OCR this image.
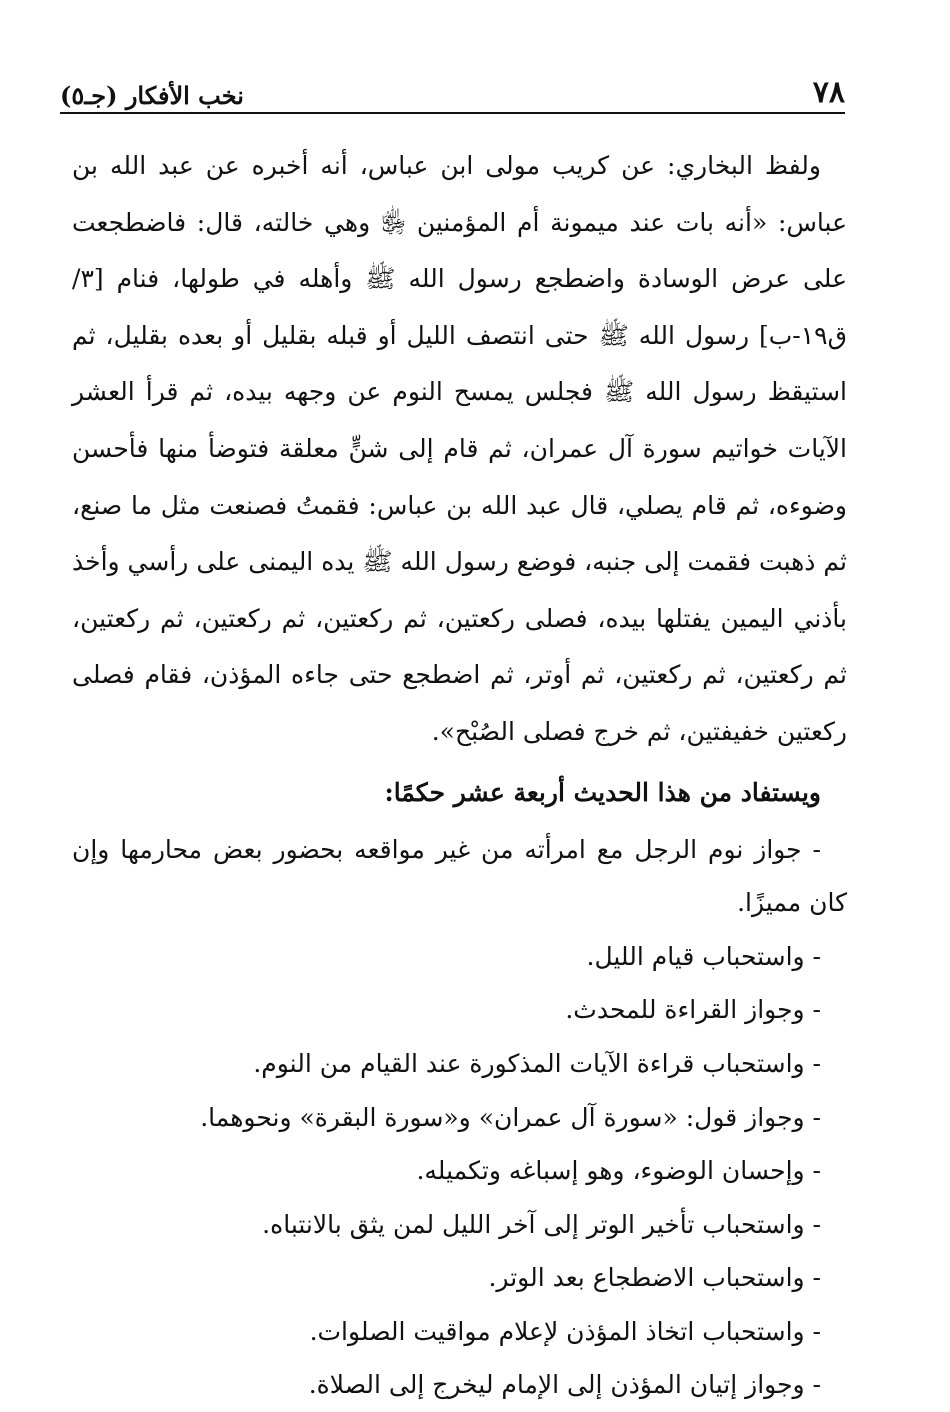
٧٨
نخب الأفكار (جـ٥)

ولفظ البخاري: عن كريب مولى ابن عباس، أنه أخبره عن عبد الله بن عباس: «أنه بات عند ميمونة أم المؤمنين ﵂ وهي خالته، قال: فاضطجعت على عرض الوسادة واضطجع رسول الله ﷺ وأهله في طولها، فنام [٣/ ق١٩-ب] رسول الله ﷺ حتى انتصف الليل أو قبله بقليل أو بعده بقليل، ثم استيقظ رسول الله ﷺ فجلس يمسح النوم عن وجهه بيده، ثم قرأ العشر الآيات خواتيم سورة آل عمران، ثم قام إلى شنٍّ معلقة فتوضأ منها فأحسن وضوءه، ثم قام يصلي، قال عبد الله بن عباس: فقمتُ فصنعت مثل ما صنع، ثم ذهبت فقمت إلى جنبه، فوضع رسول الله ﷺ يده اليمنى على رأسي وأخذ بأذني اليمين يفتلها بيده، فصلى ركعتين، ثم ركعتين، ثم ركعتين، ثم ركعتين، ثم ركعتين، ثم ركعتين، ثم أوتر، ثم اضطجع حتى جاءه المؤذن، فقام فصلى ركعتين خفيفتين، ثم خرج فصلى الصُبْح».

ويستفاد من هذا الحديث أربعة عشر حكمًا:

- جواز نوم الرجل مع امرأته من غير مواقعه بحضور بعض محارمها وإن كان مميزًا.
- واستحباب قيام الليل.
- وجواز القراءة للمحدث.
- واستحباب قراءة الآيات المذكورة عند القيام من النوم.
- وجواز قول: «سورة آل عمران» و«سورة البقرة» ونحوهما.
- وإحسان الوضوء، وهو إسباغه وتكميله.
- واستحباب تأخير الوتر إلى آخر الليل لمن يثق بالانتباه.
- واستحباب الاضطجاع بعد الوتر.
- واستحباب اتخاذ المؤذن لإعلام مواقيت الصلوات.
- وجواز إتيان المؤذن إلى الإمام ليخرج إلى الصلاة.
